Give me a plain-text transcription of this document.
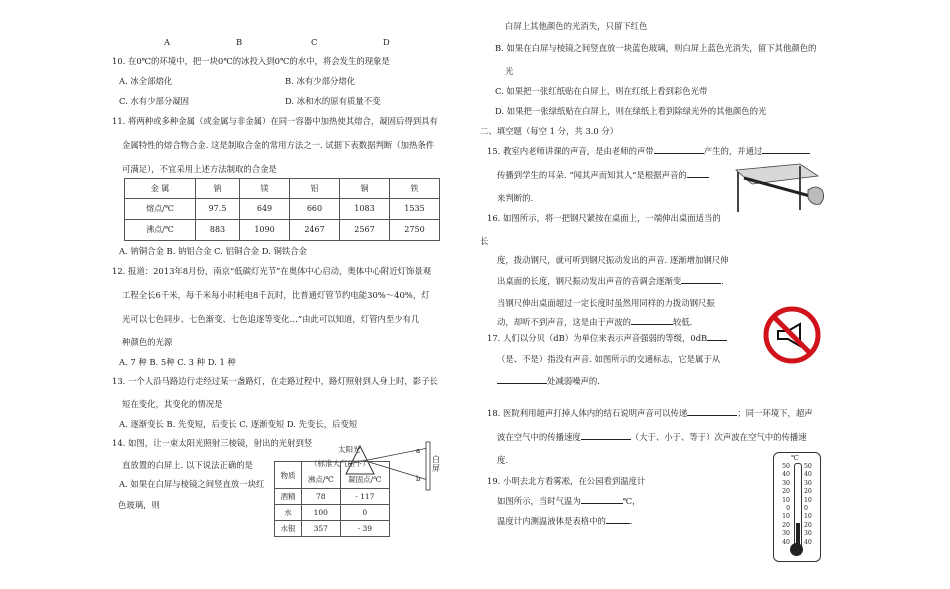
A	B	C	D
10. 在0℃的环境中，把一块0℃的冰投入到0℃的水中，将会发生的现象是
A. 冰全部熔化	B. 冰有少部分熔化
C. 水有少部分凝固	D. 冰和水的原有质量不变
11. 将两种或多种金属（或金属与非金属）在同一容器中加热使其熔合，凝固后得到具有
金属特性的熔合物合金. 这是制取合金的常用方法之一. 试据下表数据判断（加热条件
可满足），不宜采用上述方法制取的合金是
金 属	钠	镁	铝	铜	铁
熔点/℃	97.5	649	660	1083	1535
沸点/℃	883	1090	2467	2567	2750
A. 钠铜合金 B. 钠铝合金 C. 铝铜合金 D. 铜铁合金
12. 报道：2013年8月份，南京“低碳灯光节”在奥体中心启动，奥体中心附近灯饰景观
工程全长6千米，每千米每小时耗电8千瓦时，比普通灯管节约电能30%～40%，灯
光可以七色同步、七色渐变、七色追逐等变化…”由此可以知道，灯管内至少有几
种颜色的光源
A. 7 种 B. 5种 C. 3 种 D. 1 种
13. 一个人沿马路边行走经过某一盏路灯，在走路过程中，路灯照射到人身上时，影子长
短在变化，其变化的情况是
A. 逐渐变长 B. 先变短，后变长 C. 逐渐变短 D. 先变长，后变短
14. 如图，让一束太阳光照射三棱镜，射出的光射到竖
直放置的白屏上. 以下说法正确的是
A. 如果在白屏与棱镜之间竖直放一块红
色玻璃，则
太阳光	a
b
白屏
（标准大气压下）
物质	沸点/℃	凝固点/℃
酒精	78	- 117
水	100	0
水银	357	- 39
白屏上其他颜色的光消失，只留下红色
B. 如果在白屏与棱镜之间竖直放一块蓝色玻璃，则白屏上蓝色光消失，留下其他颜色的
光
C. 如果把一张红纸贴在白屏上，则在红纸上看到彩色光带
D. 如果把一张绿纸贴在白屏上，则在绿纸上看到除绿光外的其他颜色的光
二、填空题（每空 1 分，共 3.0 分）
15. 教室内老师讲课的声音，是由老师的声带	产生的，并通过
传播到学生的耳朵. “闻其声而知其人”是根据声音的
来判断的.
16. 如图所示，将一把钢尺紧按在桌面上，一端伸出桌面适当的
长
度，拨动钢尺，就可听到钢尺振动发出的声音. 逐渐增加钢尺伸
出桌面的长度，钢尺振动发出声音的音调会逐渐变	.
当钢尺伸出桌面超过一定长度时虽然用同样的力拨动钢尺振
动，却听不到声音，这是由于声波的	较低.
17. 人们以分贝（dB）为单位来表示声音强弱的等级，0dB
（是、不是）指没有声音. 如图所示的交通标志，它是属于从
处减弱噪声的.
18. 医院利用超声打掉人体内的结石说明声音可以传递	；同一环境下，超声
波在空气中的传播速度	（大于、小于、等于）次声波在空气中的传播速
度.
19. 小明去北方看雾凇，在公园看到温度计
如图所示，当时气温为	℃，
温度计内测温液体是表格中的	.
℃
50
40
30
20
10
0
10
20
30
40
50
40
30
20
10
0
10
20
30
40
